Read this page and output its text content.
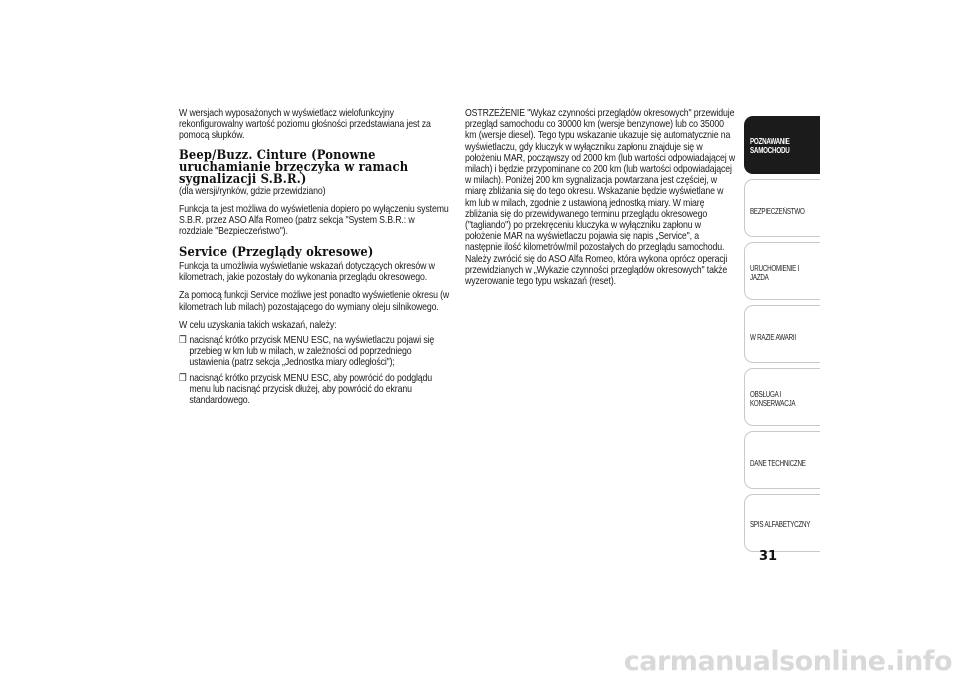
W wersjach wyposażonych w wyświetlacz wielofunkcyjny rekonfigurowalny wartość poziomu głośności przedstawiana jest za pomocą słupków.

Beep/Buzz. Cinture (Ponowne uruchamianie brzęczyka w ramach sygnalizacji S.B.R.)

(dla wersji/rynków, gdzie przewidziano)

Funkcja ta jest możliwa do wyświetlenia dopiero po wyłączeniu systemu S.B.R. przez ASO Alfa Romeo (patrz sekcja "System S.B.R.: w rozdziale "Bezpieczeństwo").

Service (Przeglądy okresowe)

Funkcja ta umożliwia wyświetlanie wskazań dotyczących okresów w kilometrach, jakie pozostały do wykonania przeglądu okresowego.

Za pomocą funkcji Service możliwe jest ponadto wyświetlenie okresu (w kilometrach lub milach) pozostającego do wymiany oleju silnikowego.

W celu uzyskania takich wskazań, należy:

❒ nacisnąć krótko przycisk MENU ESC, na wyświetlaczu pojawi się przebieg w km lub w milach, w zależności od poprzedniego ustawienia (patrz sekcja „Jednostka miary odległości");
❒ nacisnąć krótko przycisk MENU ESC, aby powrócić do podglądu menu lub nacisnąć przycisk dłużej, aby powrócić do ekranu standardowego.

OSTRZEŻENIE "Wykaz czynności przeglądów okresowych" przewiduje przegląd samochodu co 30000 km (wersje benzynowe) lub co 35000 km (wersje diesel). Tego typu wskazanie ukazuje się automatycznie na wyświetlaczu, gdy kluczyk w wyłączniku zapłonu znajduje się w położeniu MAR, począwszy od 2000 km (lub wartości odpowiadającej w milach) i będzie przypominane co 200 km (lub wartości odpowiadającej w milach). Poniżej 200 km sygnalizacja powtarzana jest częściej, w miarę zbliżania się do tego okresu. Wskazanie będzie wyświetlane w km lub w milach, zgodnie z ustawioną jednostką miary. W miarę zbliżania się do przewidywanego terminu przeglądu okresowego ("tagliando") po przekręceniu kluczyka w wyłączniku zapłonu w położenie MAR na wyświetlaczu pojawia się napis „Service", a następnie ilość kilometrów/mil pozostałych do przeglądu samochodu. Należy zwrócić się do ASO Alfa Romeo, która wykona oprócz operacji przewidzianych w „Wykazie czynności przeglądów okresowych" także wyzerowanie tego typu wskazań (reset).

POZNAWANIE SAMOCHODU
BEZPIECZEŃSTWO
URUCHOMIENIE I JAZDA
W RAZIE AWARII
OBSŁUGA I KONSERWACJA
DANE TECHNICZNE
SPIS ALFABETYCZNY
31
carmanualsonline.info
